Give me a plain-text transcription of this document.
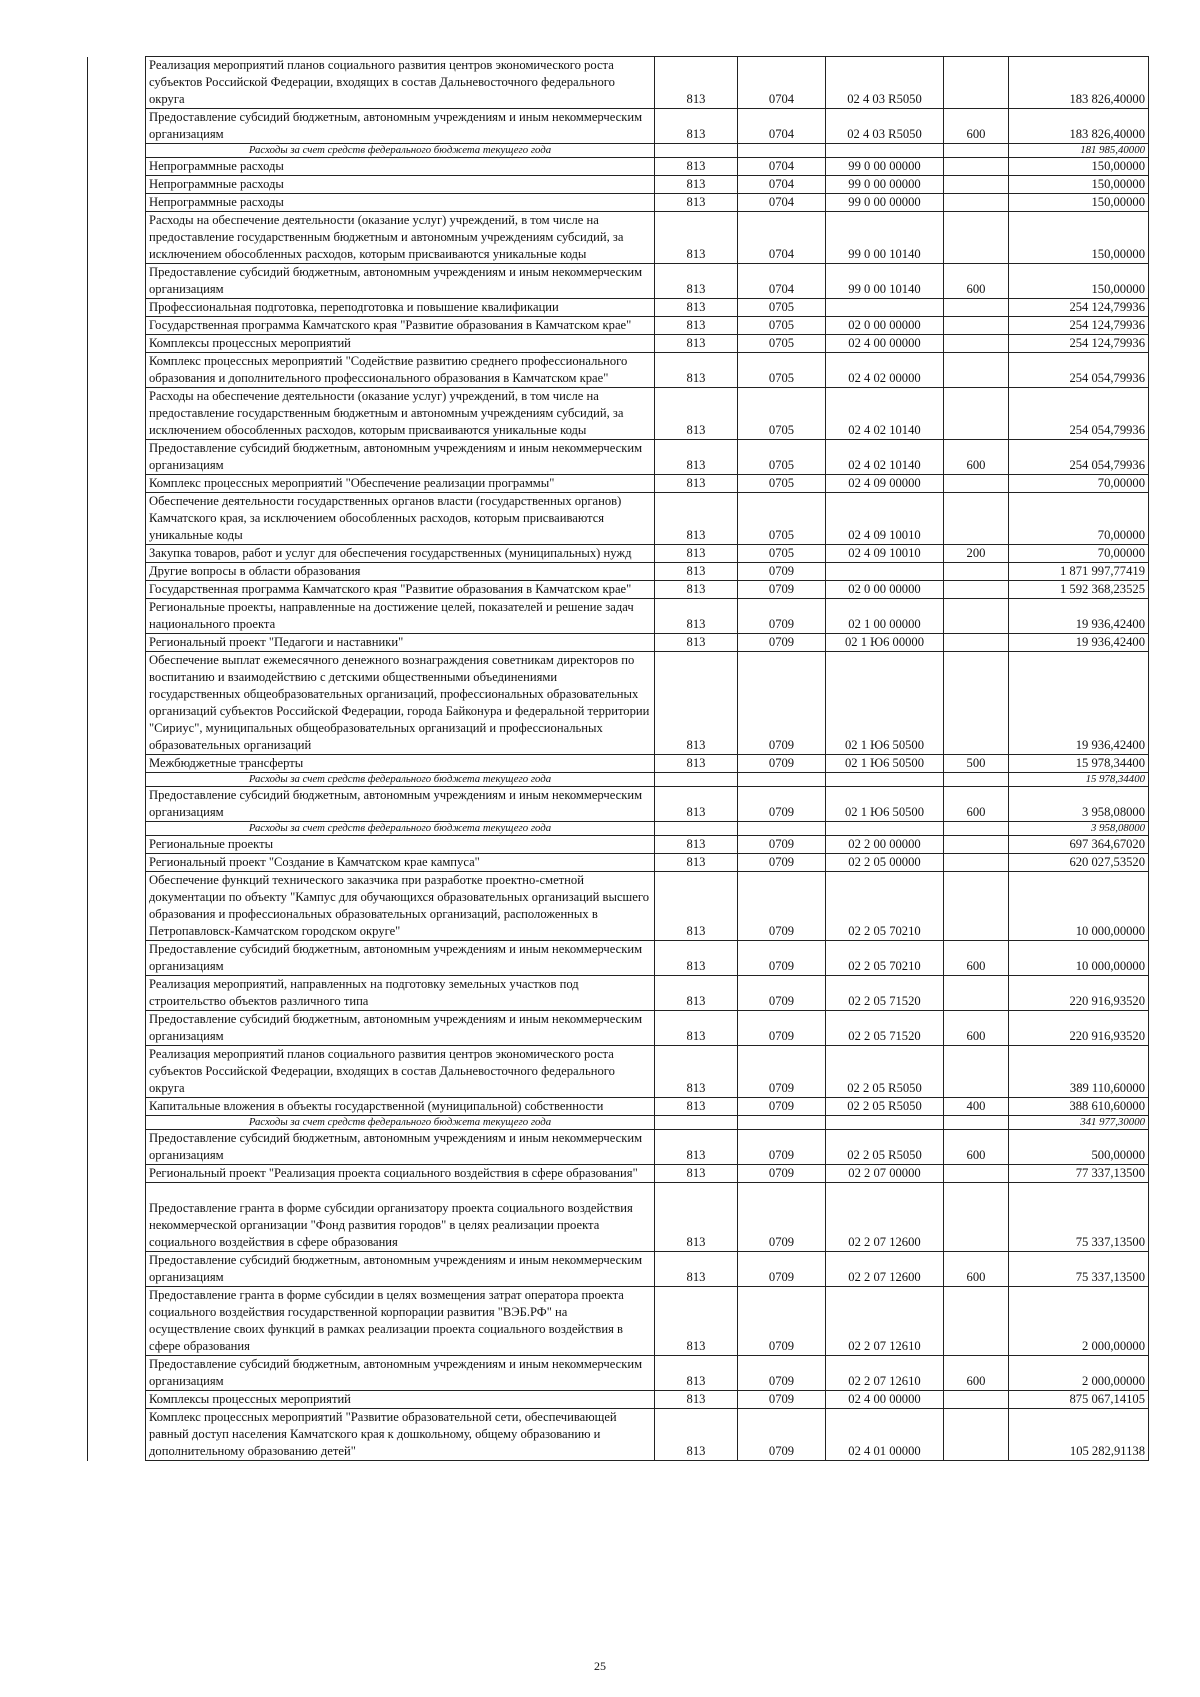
	Реализация мероприятий планов социального развития центров экономического роста субъектов Российской Федерации, входящих в состав Дальневосточного федерального округа	813	0704	02 4 03 R5050		183 826,40000
	Предоставление субсидий бюджетным, автономным учреждениям и иным некоммерческим организациям	813	0704	02 4 03 R5050	600	183 826,40000
	Расходы за счет средств федерального бюджета текущего года					181 985,40000
	Непрограммные расходы	813	0704	99 0 00 00000		150,00000
	Непрограммные расходы	813	0704	99 0 00 00000		150,00000
	Непрограммные расходы	813	0704	99 0 00 00000		150,00000
	Расходы на обеспечение деятельности (оказание услуг) учреждений, в том числе на предоставление государственным бюджетным и автономным учреждениям субсидий, за исключением обособленных расходов, которым присваиваются уникальные коды	813	0704	99 0 00 10140		150,00000
	Предоставление субсидий бюджетным, автономным учреждениям и иным некоммерческим организациям	813	0704	99 0 00 10140	600	150,00000
	Профессиональная подготовка, переподготовка и повышение квалификации	813	0705			254 124,79936
	Государственная программа Камчатского края "Развитие образования в Камчатском крае"	813	0705	02 0 00 00000		254 124,79936
	Комплексы процессных мероприятий	813	0705	02 4 00 00000		254 124,79936
	Комплекс процессных мероприятий "Содействие развитию среднего профессионального образования и дополнительного профессионального образования в Камчатском крае"	813	0705	02 4 02 00000		254 054,79936
	Расходы на обеспечение деятельности (оказание услуг) учреждений, в том числе на предоставление государственным бюджетным и автономным учреждениям субсидий, за исключением обособленных расходов, которым присваиваются уникальные коды	813	0705	02 4 02 10140		254 054,79936
	Предоставление субсидий бюджетным, автономным учреждениям и иным некоммерческим организациям	813	0705	02 4 02 10140	600	254 054,79936
	Комплекс процессных мероприятий "Обеспечение реализации программы"	813	0705	02 4 09 00000		70,00000
	Обеспечение деятельности государственных органов власти (государственных органов) Камчатского края, за исключением обособленных расходов, которым присваиваются уникальные коды	813	0705	02 4 09 10010		70,00000
	Закупка товаров, работ и услуг для обеспечения государственных (муниципальных) нужд	813	0705	02 4 09 10010	200	70,00000
	Другие вопросы в области образования	813	0709			1 871 997,77419
	Государственная программа Камчатского края "Развитие образования в Камчатском крае"	813	0709	02 0 00 00000		1 592 368,23525
	Региональные проекты, направленные на достижение целей, показателей и решение задач национального проекта	813	0709	02 1 00 00000		19 936,42400
	Региональный проект "Педагоги и наставники"	813	0709	02 1 Ю6 00000		19 936,42400
	Обеспечение выплат ежемесячного денежного вознаграждения советникам директоров по воспитанию и взаимодействию с детскими общественными объединениями государственных общеобразовательных организаций, профессиональных образовательных организаций субъектов Российской Федерации, города Байконура и федеральной территории "Сириус", муниципальных общеобразовательных организаций и профессиональных образовательных организаций	813	0709	02 1 Ю6 50500		19 936,42400
	Межбюджетные трансферты	813	0709	02 1 Ю6 50500	500	15 978,34400
	Расходы за счет средств федерального бюджета текущего года					15 978,34400
	Предоставление субсидий бюджетным, автономным учреждениям и иным некоммерческим организациям	813	0709	02 1 Ю6 50500	600	3 958,08000
	Расходы за счет средств федерального бюджета текущего года					3 958,08000
	Региональные проекты	813	0709	02 2 00 00000		697 364,67020
	Региональный проект "Создание в Камчатском крае кампуса"	813	0709	02 2 05 00000		620 027,53520
	Обеспечение функций технического заказчика при разработке проектно-сметной документации по объекту "Кампус для обучающихся образовательных организаций высшего образования и профессиональных образовательных организаций, расположенных в Петропавловск-Камчатском городском округе"	813	0709	02 2 05 70210		10 000,00000
	Предоставление субсидий бюджетным, автономным учреждениям и иным некоммерческим организациям	813	0709	02 2 05 70210	600	10 000,00000
	Реализация мероприятий, направленных на подготовку земельных участков под строительство объектов различного типа	813	0709	02 2 05 71520		220 916,93520
	Предоставление субсидий бюджетным, автономным учреждениям и иным некоммерческим организациям	813	0709	02 2 05 71520	600	220 916,93520
	Реализация мероприятий планов социального развития центров экономического роста субъектов Российской Федерации, входящих в состав Дальневосточного федерального округа	813	0709	02 2 05 R5050		389 110,60000
	Капитальные вложения в объекты государственной (муниципальной) собственности	813	0709	02 2 05 R5050	400	388 610,60000
	Расходы за счет средств федерального бюджета текущего года					341 977,30000
	Предоставление субсидий бюджетным, автономным учреждениям и иным некоммерческим организациям	813	0709	02 2 05 R5050	600	500,00000
	Региональный проект "Реализация проекта социального воздействия в сфере образования"	813	0709	02 2 07 00000		77 337,13500
	Предоставление гранта в форме субсидии организатору проекта социального воздействия некоммерческой организации "Фонд развития городов" в целях реализации проекта социального воздействия в сфере образования	813	0709	02 2 07 12600		75 337,13500
	Предоставление субсидий бюджетным, автономным учреждениям и иным некоммерческим организациям	813	0709	02 2 07 12600	600	75 337,13500
	Предоставление гранта в форме субсидии в целях возмещения затрат оператора проекта социального воздействия государственной корпорации развития "ВЭБ.РФ" на осуществление своих функций в рамках реализации проекта социального воздействия в сфере образования	813	0709	02 2 07 12610		2 000,00000
	Предоставление субсидий бюджетным, автономным учреждениям и иным некоммерческим организациям	813	0709	02 2 07 12610	600	2 000,00000
	Комплексы процессных мероприятий	813	0709	02 4 00 00000		875 067,14105
	Комплекс процессных мероприятий "Развитие образовательной сети, обеспечивающей равный доступ населения Камчатского края к дошкольному, общему образованию и дополнительному образованию детей"	813	0709	02 4 01 00000		105 282,91138
25
